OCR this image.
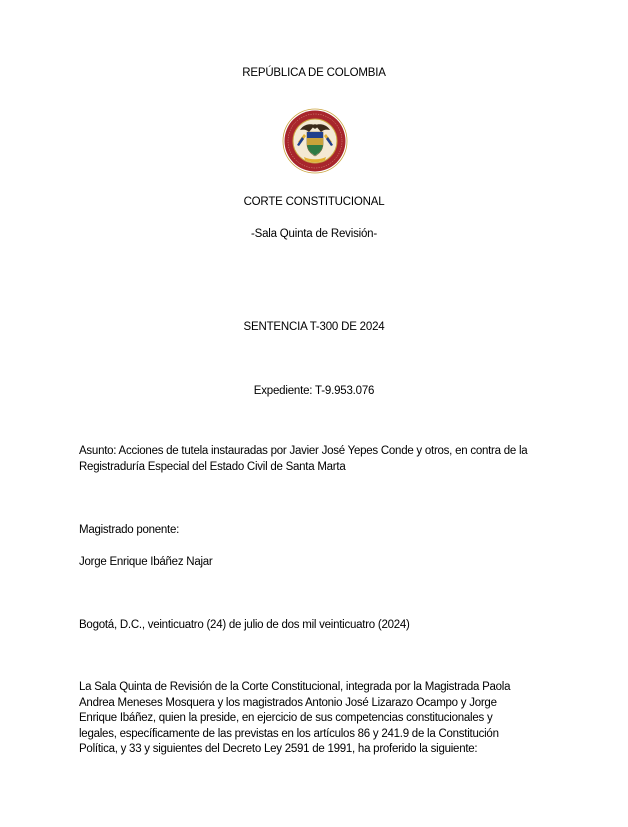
REPÚBLICA DE COLOMBIA
CORTE CONSTITUCIONAL
-Sala Quinta de Revisión-
SENTENCIA T-300 DE 2024
Expediente: T-9.953.076
Asunto: Acciones de tutela instauradas por Javier José Yepes Conde y otros, en contra de la
Registraduría Especial del Estado Civil de Santa Marta
Magistrado ponente:
Jorge Enrique Ibáñez Najar
Bogotá, D.C., veinticuatro (24) de julio de dos mil veinticuatro (2024)
La Sala Quinta de Revisión de la Corte Constitucional, integrada por la Magistrada Paola
Andrea Meneses Mosquera y los magistrados Antonio José Lizarazo Ocampo y Jorge
Enrique Ibáñez, quien la preside, en ejercicio de sus competencias constitucionales y
legales, específicamente de las previstas en los artículos 86 y 241.9 de la Constitución
Política, y 33 y siguientes del Decreto Ley 2591 de 1991, ha proferido la siguiente:
